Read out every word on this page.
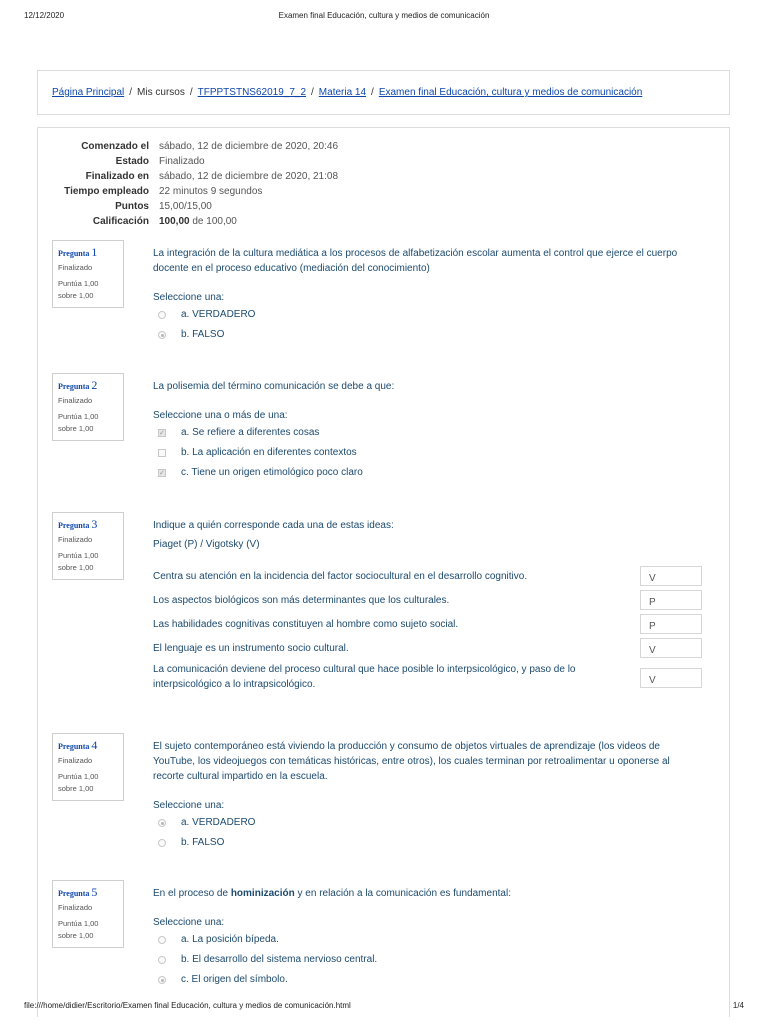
12/12/2020	Examen final Educación, cultura y medios de comunicación
Página Principal / Mis cursos / TFPPTSTNS62019_7_2 / Materia 14 / Examen final Educación, cultura y medios de comunicación
Comenzado el sábado, 12 de diciembre de 2020, 20:46
Estado Finalizado
Finalizado en sábado, 12 de diciembre de 2020, 21:08
Tiempo empleado 22 minutos 9 segundos
Puntos 15,00/15,00
Calificación 100,00 de 100,00
Pregunta 1
Finalizado
Puntúa 1,00
sobre 1,00
La integración de la cultura mediática a los procesos de alfabetización escolar aumenta el control que ejerce el cuerpo docente en el proceso educativo (mediación del conocimiento)
Seleccione una:
a. VERDADERO
b. FALSO
Pregunta 2
Finalizado
Puntúa 1,00
sobre 1,00
La polisemia del término comunicación se debe a que:
Seleccione una o más de una:
✓
a. Se refiere a diferentes cosas
b. La aplicación en diferentes contextos
✓
c. Tiene un origen etimológico poco claro
Pregunta 3
Finalizado
Puntúa 1,00
sobre 1,00
Indique a quién corresponde cada una de estas ideas:
Piaget (P) / Vigotsky (V)
Centra su atención en la incidencia del factor sociocultural en el desarrollo cognitivo.	V
Los aspectos biológicos son más determinantes que los culturales.	P
Las habilidades cognitivas constituyen al hombre como sujeto social.	P
El lenguaje es un instrumento socio cultural.	V
La comunicación deviene del proceso cultural que hace posible lo interpsicológico, y paso de lo interpsicológico a lo intrapsicológico.	V
Pregunta 4
Finalizado
Puntúa 1,00
sobre 1,00
El sujeto contemporáneo está viviendo la producción y consumo de objetos virtuales de aprendizaje (los videos de YouTube, los videojuegos con temáticas históricas, entre otros), los cuales terminan por retroalimentar u oponerse al recorte cultural impartido en la escuela.
Seleccione una:
a. VERDADERO
b. FALSO
Pregunta 5
Finalizado
Puntúa 1,00
sobre 1,00
En el proceso de hominización y en relación a la comunicación es fundamental:
Seleccione una:
a. La posición bípeda.
b. El desarrollo del sistema nervioso central.
c. El origen del símbolo.
file:///home/didier/Escritorio/Examen final Educación, cultura y medios de comunicación.html	1/4
